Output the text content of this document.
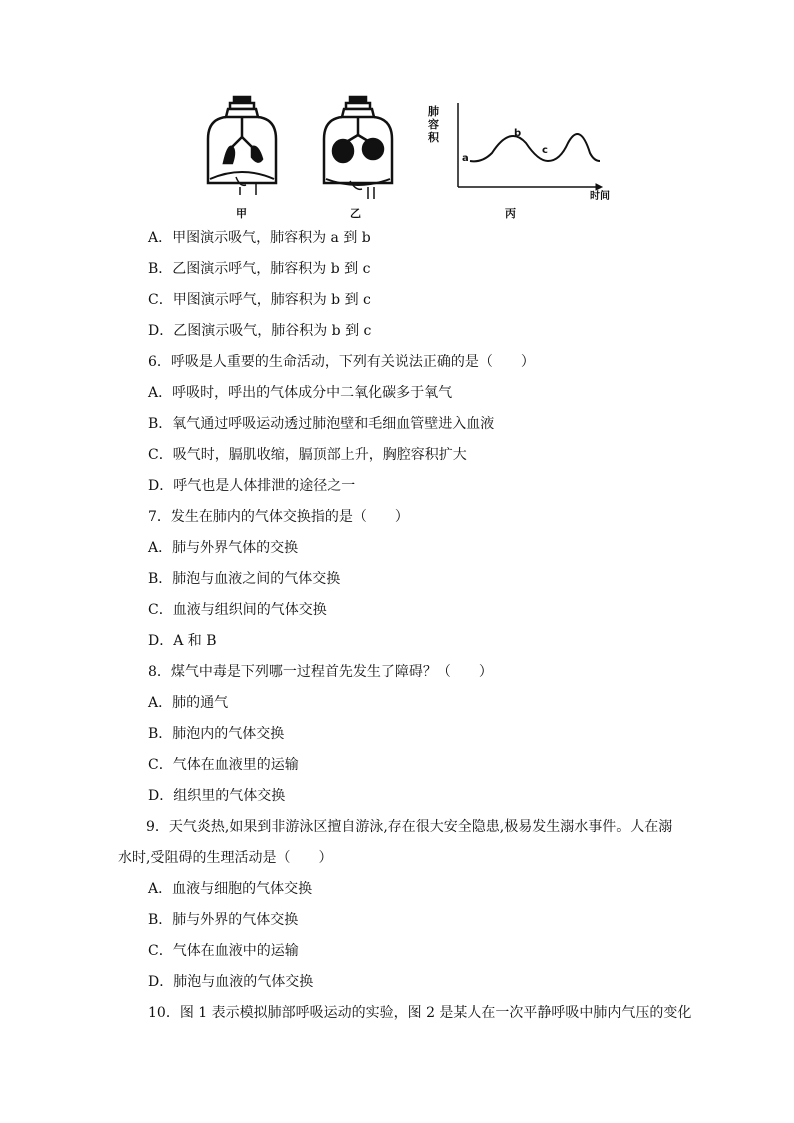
甲	乙	丙
肺
容
积
时间
a
b
c
A．甲图演示吸气，肺容积为 a 到 b
B．乙图演示呼气，肺容积为 b 到 c
C．甲图演示呼气，肺容积为 b 到 c
D．乙图演示吸气，肺谷积为 b 到 c
6．呼吸是人重要的生命活动，下列有关说法正确的是（　　）
A．呼吸时，呼出的气体成分中二氧化碳多于氧气
B．氧气通过呼吸运动透过肺泡壁和毛细血管壁进入血液
C．吸气时，膈肌收缩，膈顶部上升，胸腔容积扩大
D．呼气也是人体排泄的途径之一
7．发生在肺内的气体交换指的是（　　）
A．肺与外界气体的交换
B．肺泡与血液之间的气体交换
C．血液与组织间的气体交换
D．A 和 B
8．煤气中毒是下列哪一过程首先发生了障碍？（　　）
A．肺的通气
B．肺泡内的气体交换
C．气体在血液里的运输
D．组织里的气体交换
9．天气炎热,如果到非游泳区擅自游泳,存在很大安全隐患,极易发生溺水事件。人在溺水时,受阻碍的生理活动是（　　）
A．血液与细胞的气体交换
B．肺与外界的气体交换
C．气体在血液中的运输
D．肺泡与血液的气体交换
10．图 1 表示模拟肺部呼吸运动的实验，图 2 是某人在一次平静呼吸中肺内气压的变化
